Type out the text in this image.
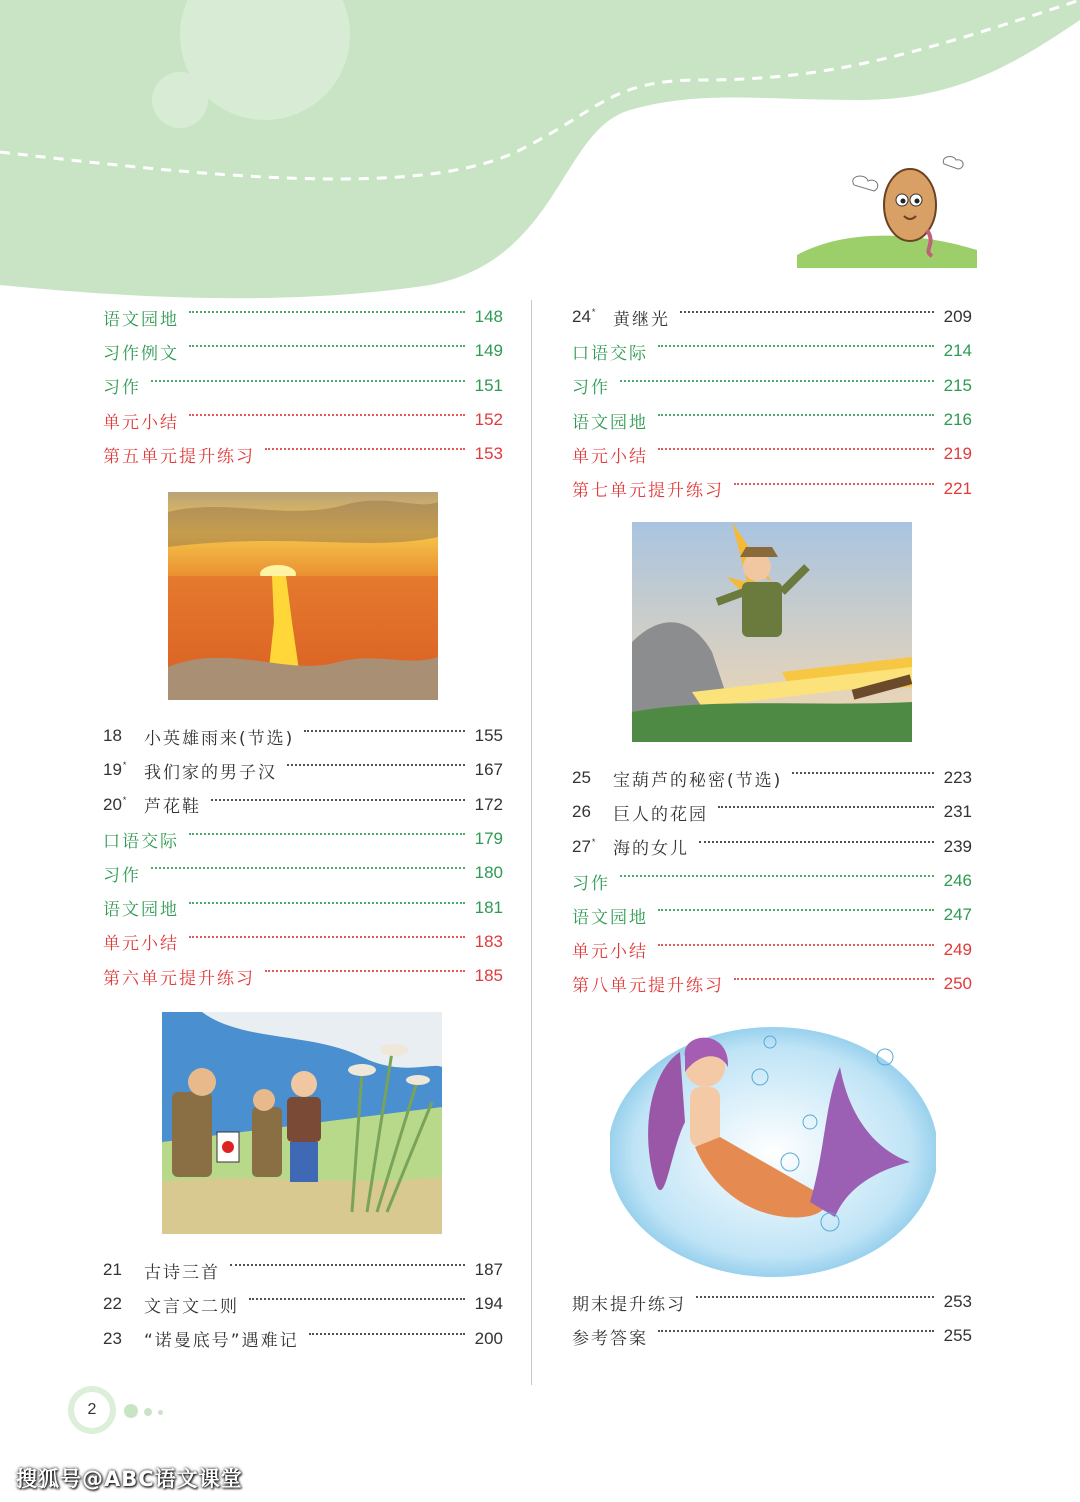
语文园地	148
习作例文	149
习作	151
单元小结	152
第五单元提升练习	153
18	小英雄雨来(节选)	155
19*	我们家的男子汉	167
20*	芦花鞋	172
口语交际	179
习作	180
语文园地	181
单元小结	183
第六单元提升练习	185
21	古诗三首	187
22	文言文二则	194
23	“诺曼底号”遇难记	200
24*	黄继光	209
口语交际	214
习作	215
语文园地	216
单元小结	219
第七单元提升练习	221
25	宝葫芦的秘密(节选)	223
26	巨人的花园	231
27*	海的女儿	239
习作	246
语文园地	247
单元小结	249
第八单元提升练习	250
期末提升练习	253
参考答案	255
2
搜狐号@ABC语文课堂
